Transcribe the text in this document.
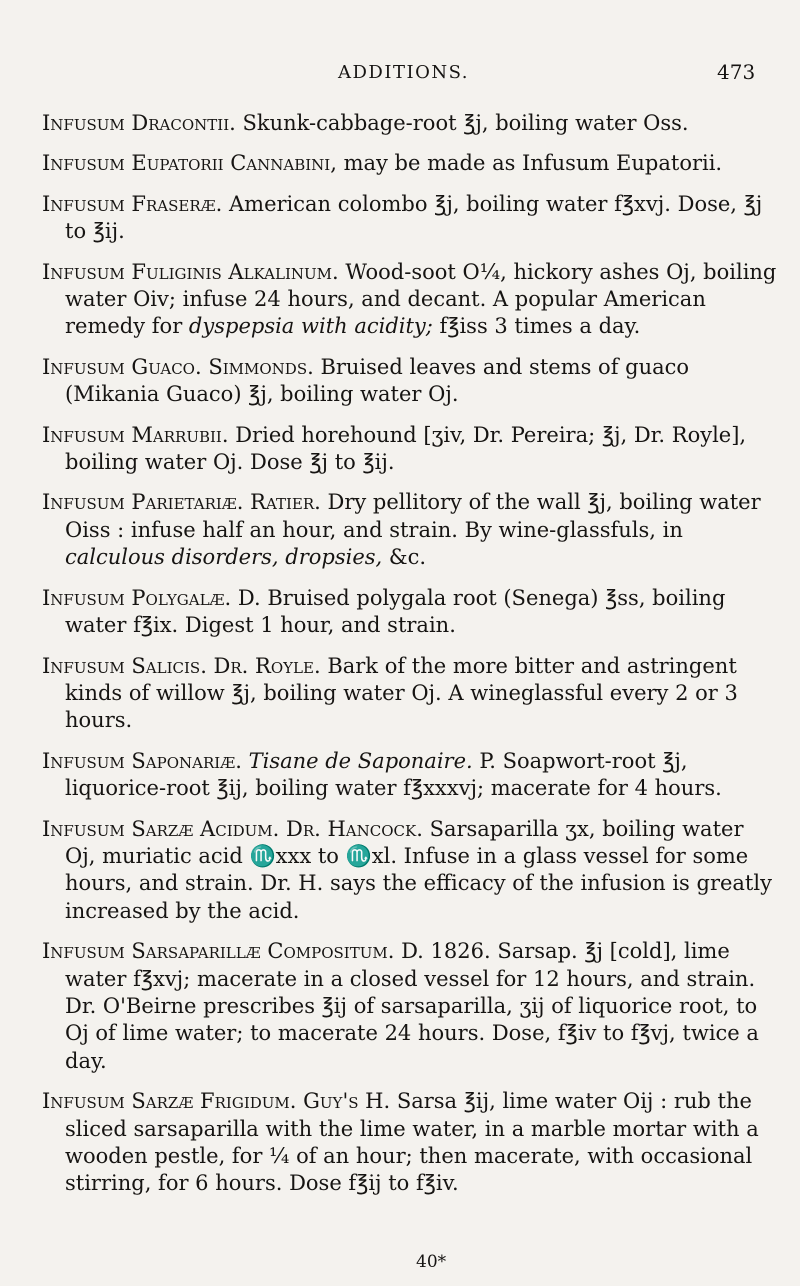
ADDITIONS.	473

Infusum Dracontii. Skunk-cabbage-root ℥j, boiling water Oss.

Infusum Eupatorii Cannabini, may be made as Infusum Eupatorii.

Infusum Fraseræ. American colombo ℥j, boiling water f℥xvj. Dose, ℥j to ℥ij.

Infusum Fuliginis Alkalinum. Wood-soot O¼, hickory ashes Oj, boiling water Oiv; infuse 24 hours, and decant. A popular American remedy for dyspepsia with acidity; f℥iss 3 times a day.

Infusum Guaco. Simmonds. Bruised leaves and stems of guaco (Mikania Guaco) ℥j, boiling water Oj.

Infusum Marrubii. Dried horehound [ʒiv, Dr. Pereira; ℥j, Dr. Royle], boiling water Oj. Dose ℥j to ℥ij.

Infusum Parietariæ. Ratier. Dry pellitory of the wall ℥j, boiling water Oiss : infuse half an hour, and strain. By wine-glassfuls, in calculous disorders, dropsies, &c.

Infusum Polygalæ. D. Bruised polygala root (Senega) ℥ss, boiling water f℥ix. Digest 1 hour, and strain.

Infusum Salicis. Dr. Royle. Bark of the more bitter and astringent kinds of willow ℥j, boiling water Oj. A wineglassful every 2 or 3 hours.

Infusum Saponariæ. Tisane de Saponaire. P. Soapwort-root ℥j, liquorice-root ℥ij, boiling water f℥xxxvj; macerate for 4 hours.

Infusum Sarzæ Acidum. Dr. Hancock. Sarsaparilla ʒx, boiling water Oj, muriatic acid ♏xxx to ♏xl. Infuse in a glass vessel for some hours, and strain. Dr. H. says the efficacy of the infusion is greatly increased by the acid.

Infusum Sarsaparillæ Compositum. D. 1826. Sarsap. ℥j [cold], lime water f℥xvj; macerate in a closed vessel for 12 hours, and strain. Dr. O'Beirne prescribes ℥ij of sarsaparilla, ʒij of liquorice root, to Oj of lime water; to macerate 24 hours. Dose, f℥iv to f℥vj, twice a day.

Infusum Sarzæ Frigidum. Guy's H. Sarsa ℥ij, lime water Oij : rub the sliced sarsaparilla with the lime water, in a marble mortar with a wooden pestle, for ¼ of an hour; then macerate, with occasional stirring, for 6 hours. Dose f℥ij to f℥iv.

40*
